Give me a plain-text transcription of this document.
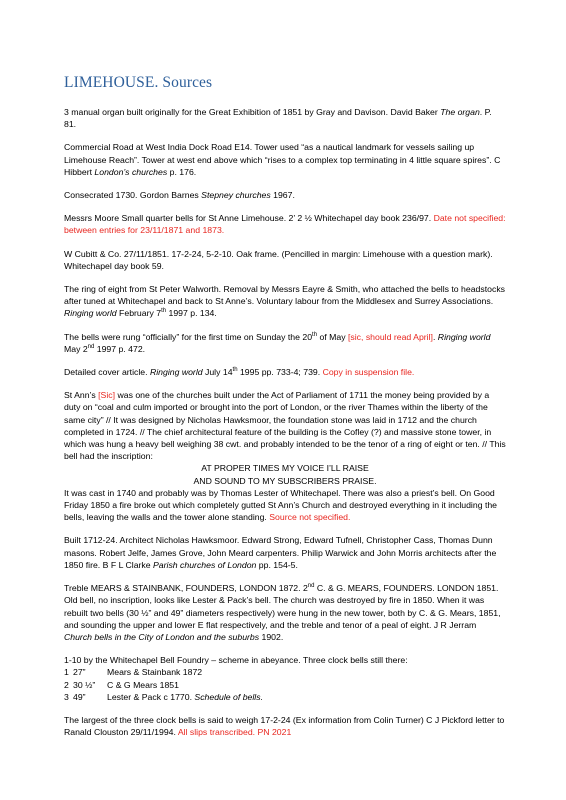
LIMEHOUSE. Sources

3 manual organ built originally for the Great Exhibition of 1851 by Gray and Davison. David Baker The organ. P. 81.

Commercial Road at West India Dock Road E14. Tower used “as a nautical landmark for vessels sailing up Limehouse Reach”. Tower at west end above which “rises to a complex top terminating in 4 little square spires”. C Hibbert London’s churches p. 176.

Consecrated 1730. Gordon Barnes Stepney churches 1967.

Messrs Moore Small quarter bells for St Anne Limehouse. 2’ 2 ½ Whitechapel day book 236/97. Date not specified: between entries for 23/11/1871 and 1873.

W Cubitt & Co. 27/11/1851. 17-2-24, 5-2-10. Oak frame. (Pencilled in margin: Limehouse with a question mark). Whitechapel day book 59.

The ring of eight from St Peter Walworth. Removal by Messrs Eayre & Smith, who attached the bells to headstocks after tuned at Whitechapel and back to St Anne’s. Voluntary labour from the Middlesex and Surrey Associations. Ringing world February 7th 1997 p. 134.

The bells were rung “officially” for the first time on Sunday the 20th of May [sic, should read April]. Ringing world May 2nd 1997 p. 472.

Detailed cover article. Ringing world July 14th 1995 pp. 733-4; 739. Copy in suspension file.

St Ann’s [Sic] was one of the churches built under the Act of Parliament of 1711 the money being provided by a duty on “coal and culm imported or brought into the port of London, or the river Thames within the liberty of the same city” // It was designed by Nicholas Hawksmoor, the foundation stone was laid in 1712 and the church completed in 1724. // The chief architectural feature of the building is the Cofley (?) and massive stone tower, in which was hung a heavy bell weighing 38 cwt. and probably intended to be the tenor of a ring of eight or ten. // This bell had the inscription:
AT PROPER TIMES MY VOICE I’LL RAISE
AND SOUND TO MY SUBSCRIBERS PRAISE.
It was cast in 1740 and probably was by Thomas Lester of Whitechapel. There was also a priest’s bell. On Good Friday 1850 a fire broke out which completely gutted St Ann’s Church and destroyed everything in it including the bells, leaving the walls and the tower alone standing. Source not specified.

Built 1712-24. Architect Nicholas Hawksmoor. Edward Strong, Edward Tufnell, Christopher Cass, Thomas Dunn masons. Robert Jelfe, James Grove, John Meard carpenters. Philip Warwick and John Morris architects after the 1850 fire. B F L Clarke Parish churches of London pp. 154-5.

Treble MEARS & STAINBANK, FOUNDERS, LONDON 1872. 2nd C. & G. MEARS, FOUNDERS. LONDON 1851. Old bell, no inscription, looks like Lester & Pack’s bell. The church was destroyed by fire in 1850. When it was rebuilt two bells (30 ½” and 49” diameters respectively) were hung in the new tower, both by C. & G. Mears, 1851, and sounding the upper and lower E flat respectively, and the treble and tenor of a peal of eight. J R Jerram Church bells in the City of London and the suburbs 1902.

1-10 by the Whitechapel Bell Foundry – scheme in abeyance. Three clock bells still there:

1	27”	Mears & Stainbank 1872
2	30 ½”	C & G Mears 1851
3	49”	Lester & Pack c 1770. Schedule of bells.

The largest of the three clock bells is said to weigh 17-2-24 (Ex information from Colin Turner) C J Pickford letter to Ranald Clouston 29/11/1994. All slips transcribed. PN 2021
